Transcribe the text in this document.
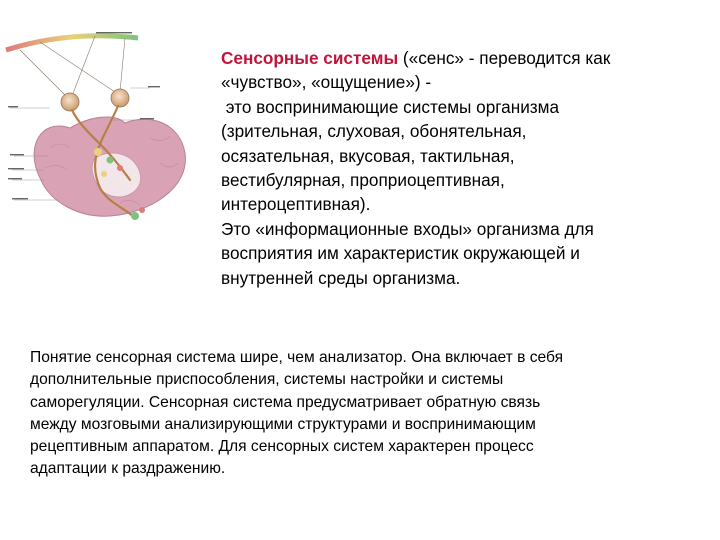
Сенсорные системы («сенс» - переводится как

«чувство», «ощущение») -

это воспринимающие системы организма

(зрительная, слуховая, обонятельная,

осязательная, вкусовая, тактильная,

вестибулярная, проприоцептивная,

интероцептивная).

Это «информационные входы» организма для

восприятия им характеристик окружающей и

внутренней среды организма.

Понятие сенсорная система шире, чем анализатор. Она включает в себя

дополнительные приспособления, системы настройки и системы

саморегуляции. Сенсорная система предусматривает обратную связь

между мозговыми анализирующими структурами и воспринимающим

рецептивным аппаратом. Для сенсорных систем характерен процесс

адаптации к раздражению.
